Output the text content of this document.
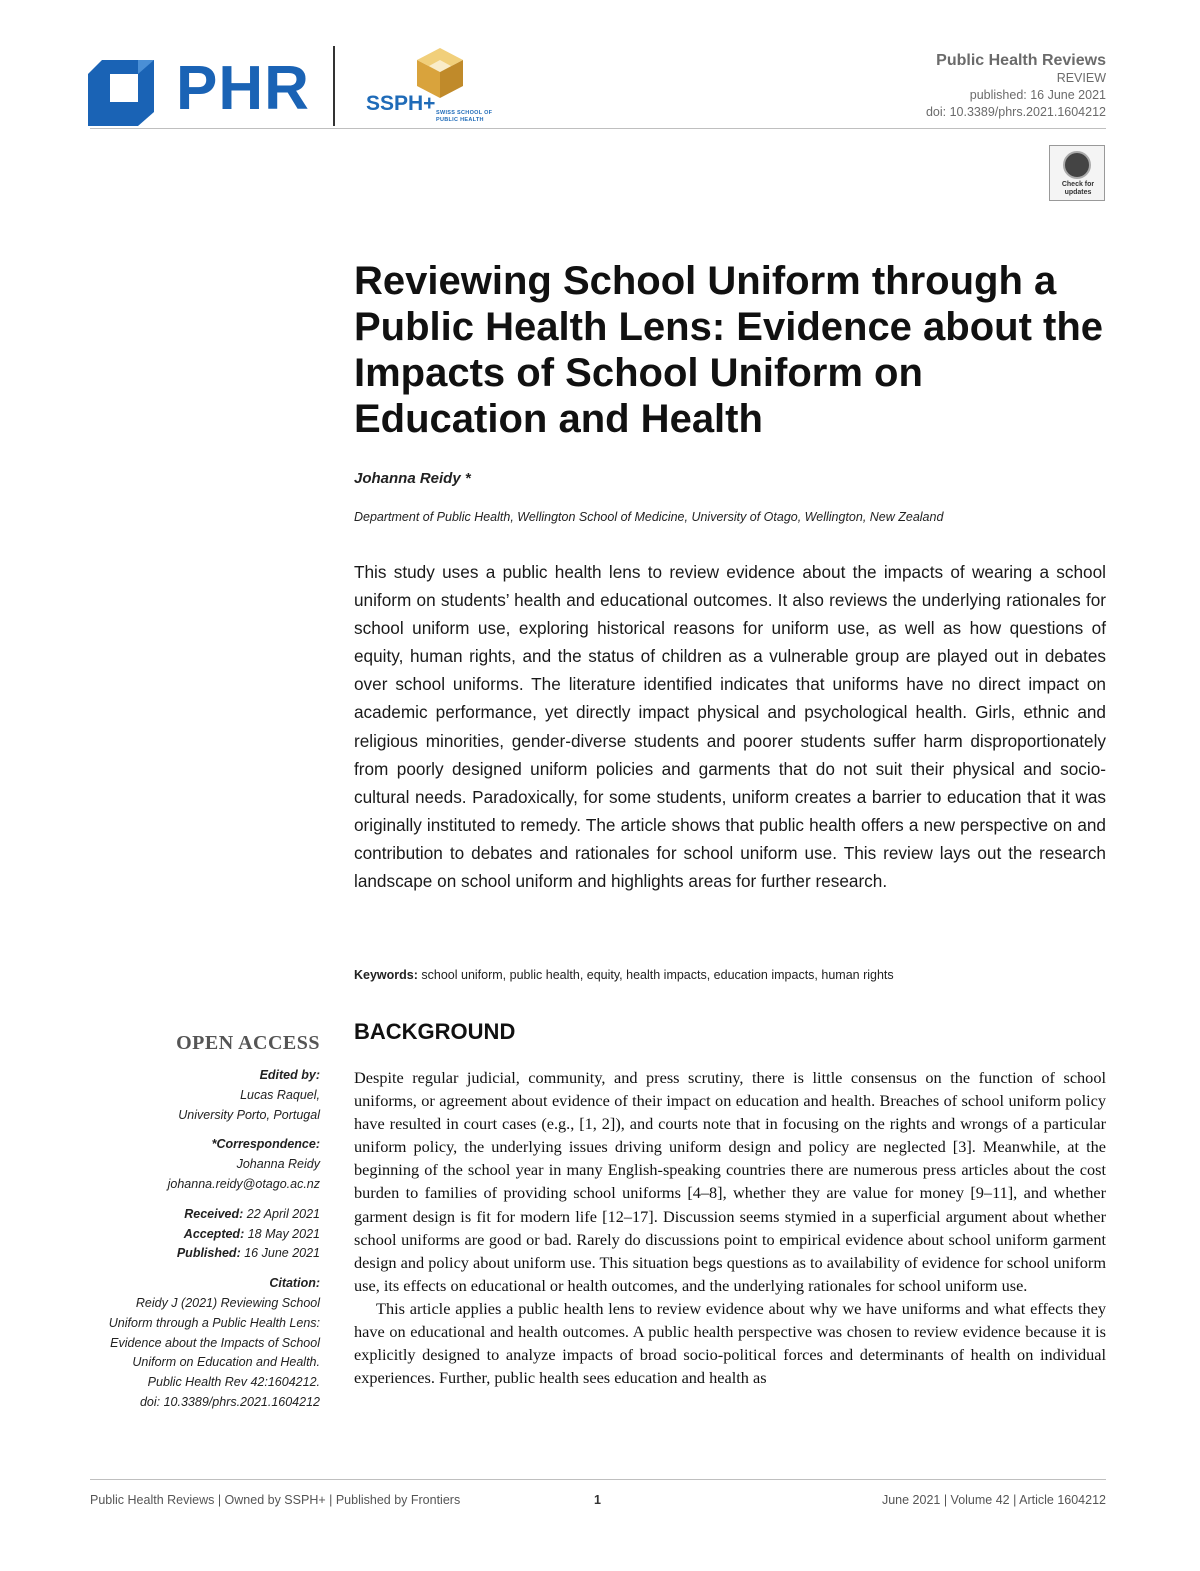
PHR	SSPH+ SWISS SCHOOL OF
PUBLIC HEALTH
Public Health Reviews
REVIEW
published: 16 June 2021
doi: 10.3389/phrs.2021.1604212
Check for updates
Reviewing School Uniform through a Public Health Lens: Evidence about the Impacts of School Uniform on Education and Health
Johanna Reidy *
Department of Public Health, Wellington School of Medicine, University of Otago, Wellington, New Zealand

This study uses a public health lens to review evidence about the impacts of wearing a school uniform on students’ health and educational outcomes. It also reviews the underlying rationales for school uniform use, exploring historical reasons for uniform use, as well as how questions of equity, human rights, and the status of children as a vulnerable group are played out in debates over school uniforms. The literature identified indicates that uniforms have no direct impact on academic performance, yet directly impact physical and psychological health. Girls, ethnic and religious minorities, gender-diverse students and poorer students suffer harm disproportionately from poorly designed uniform policies and garments that do not suit their physical and socio-cultural needs. Paradoxically, for some students, uniform creates a barrier to education that it was originally instituted to remedy. The article shows that public health offers a new perspective on and contribution to debates and rationales for school uniform use. This review lays out the research landscape on school uniform and highlights areas for further research.

Keywords: school uniform, public health, equity, health impacts, education impacts, human rights
OPEN ACCESS
Edited by:
Lucas Raquel,
University Porto, Portugal
*Correspondence:
Johanna Reidy
johanna.reidy@otago.ac.nz
Received: 22 April 2021
Accepted: 18 May 2021
Published: 16 June 2021
Citation:
Reidy J (2021) Reviewing School
Uniform through a Public Health Lens:
Evidence about the Impacts of School
Uniform on Education and Health.
Public Health Rev 42:1604212.
doi: 10.3389/phrs.2021.1604212
BACKGROUND

Despite regular judicial, community, and press scrutiny, there is little consensus on the function of school uniforms, or agreement about evidence of their impact on education and health. Breaches of school uniform policy have resulted in court cases (e.g., [1, 2]), and courts note that in focusing on the rights and wrongs of a particular uniform policy, the underlying issues driving uniform design and policy are neglected [3]. Meanwhile, at the beginning of the school year in many English-speaking countries there are numerous press articles about the cost burden to families of providing school uniforms [4–8], whether they are value for money [9–11], and whether garment design is fit for modern life [12–17]. Discussion seems stymied in a superficial argument about whether school uniforms are good or bad. Rarely do discussions point to empirical evidence about school uniform garment design and policy about uniform use. This situation begs questions as to availability of evidence for school uniform use, its effects on educational or health outcomes, and the underlying rationales for school uniform use.

This article applies a public health lens to review evidence about why we have uniforms and what effects they have on educational and health outcomes. A public health perspective was chosen to review evidence because it is explicitly designed to analyze impacts of broad socio-political forces and determinants of health on individual experiences. Further, public health sees education and health as

Public Health Reviews | Owned by SSPH+ | Published by Frontiers	1	June 2021 | Volume 42 | Article 1604212
